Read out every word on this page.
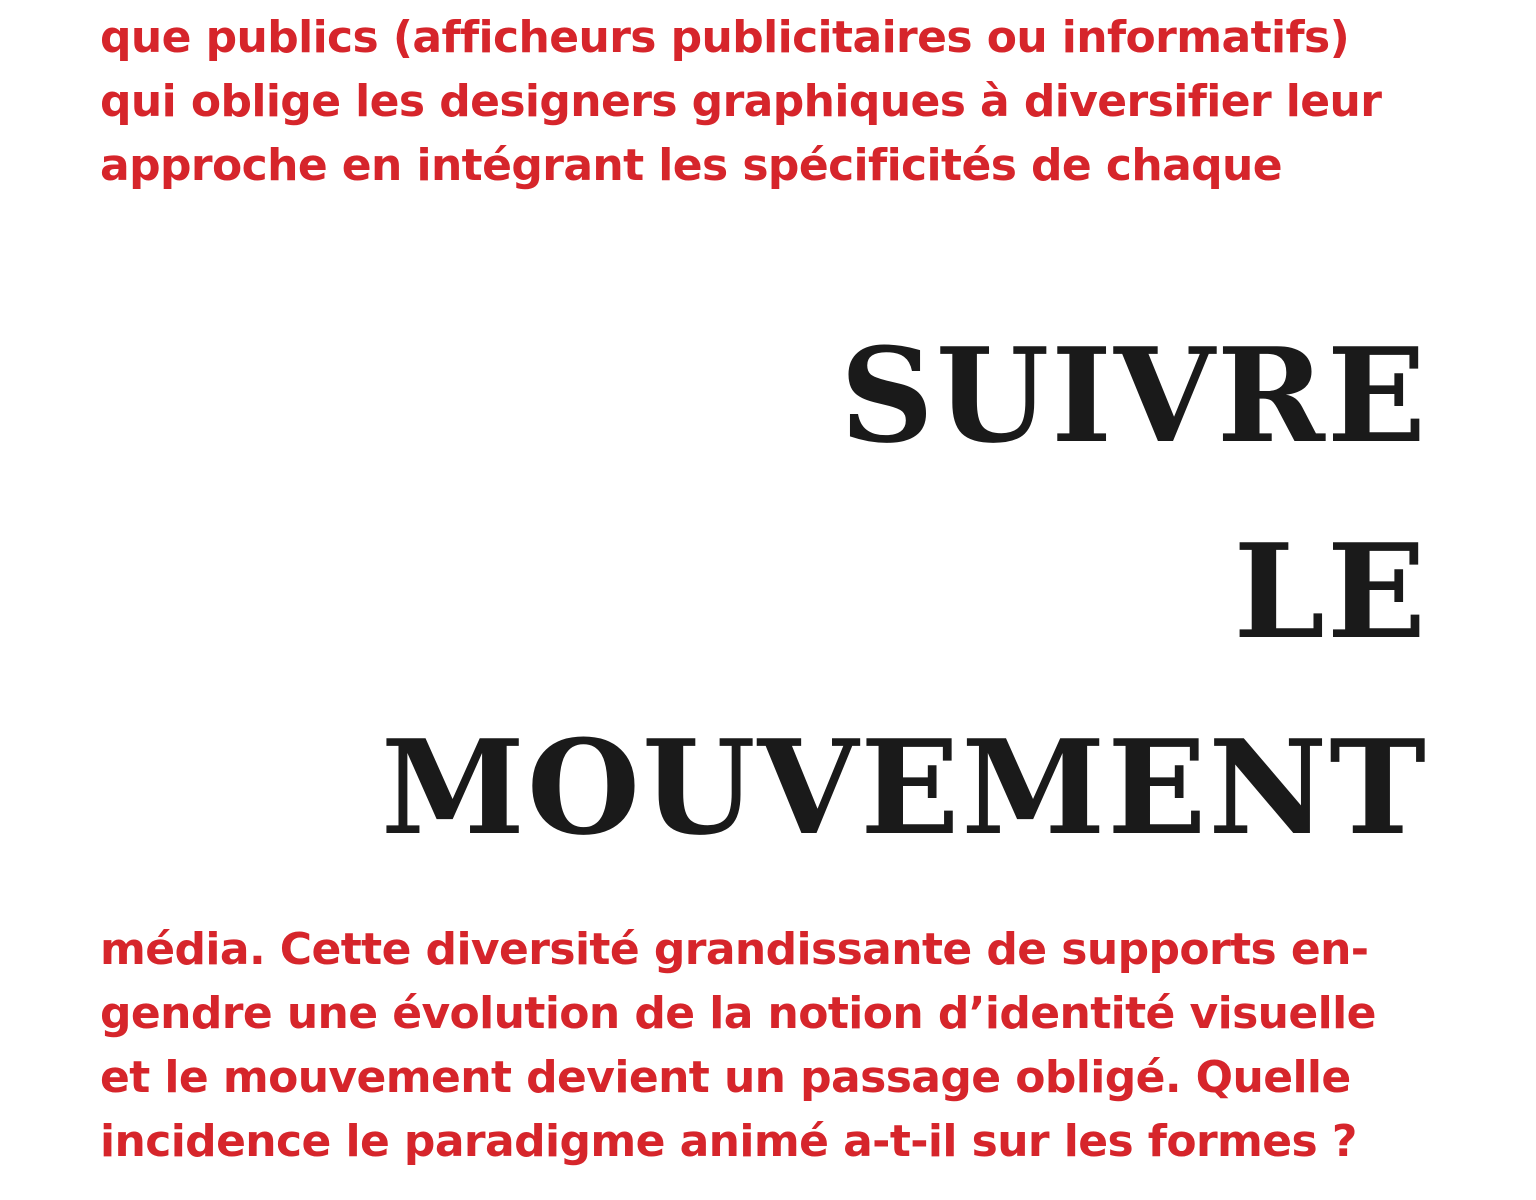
que publics (afficheurs publicitaires ou informatifs)
qui oblige les designers graphiques à diversifier leur
approche en intégrant les spécificités de chaque

SUIVRE
LE
MOUVEMENT

média. Cette diversité grandissante de supports en-
gendre une évolution de la notion d’identité visuelle
et le mouvement devient un passage obligé. Quelle
incidence le paradigme animé a-t-il sur les formes ?
